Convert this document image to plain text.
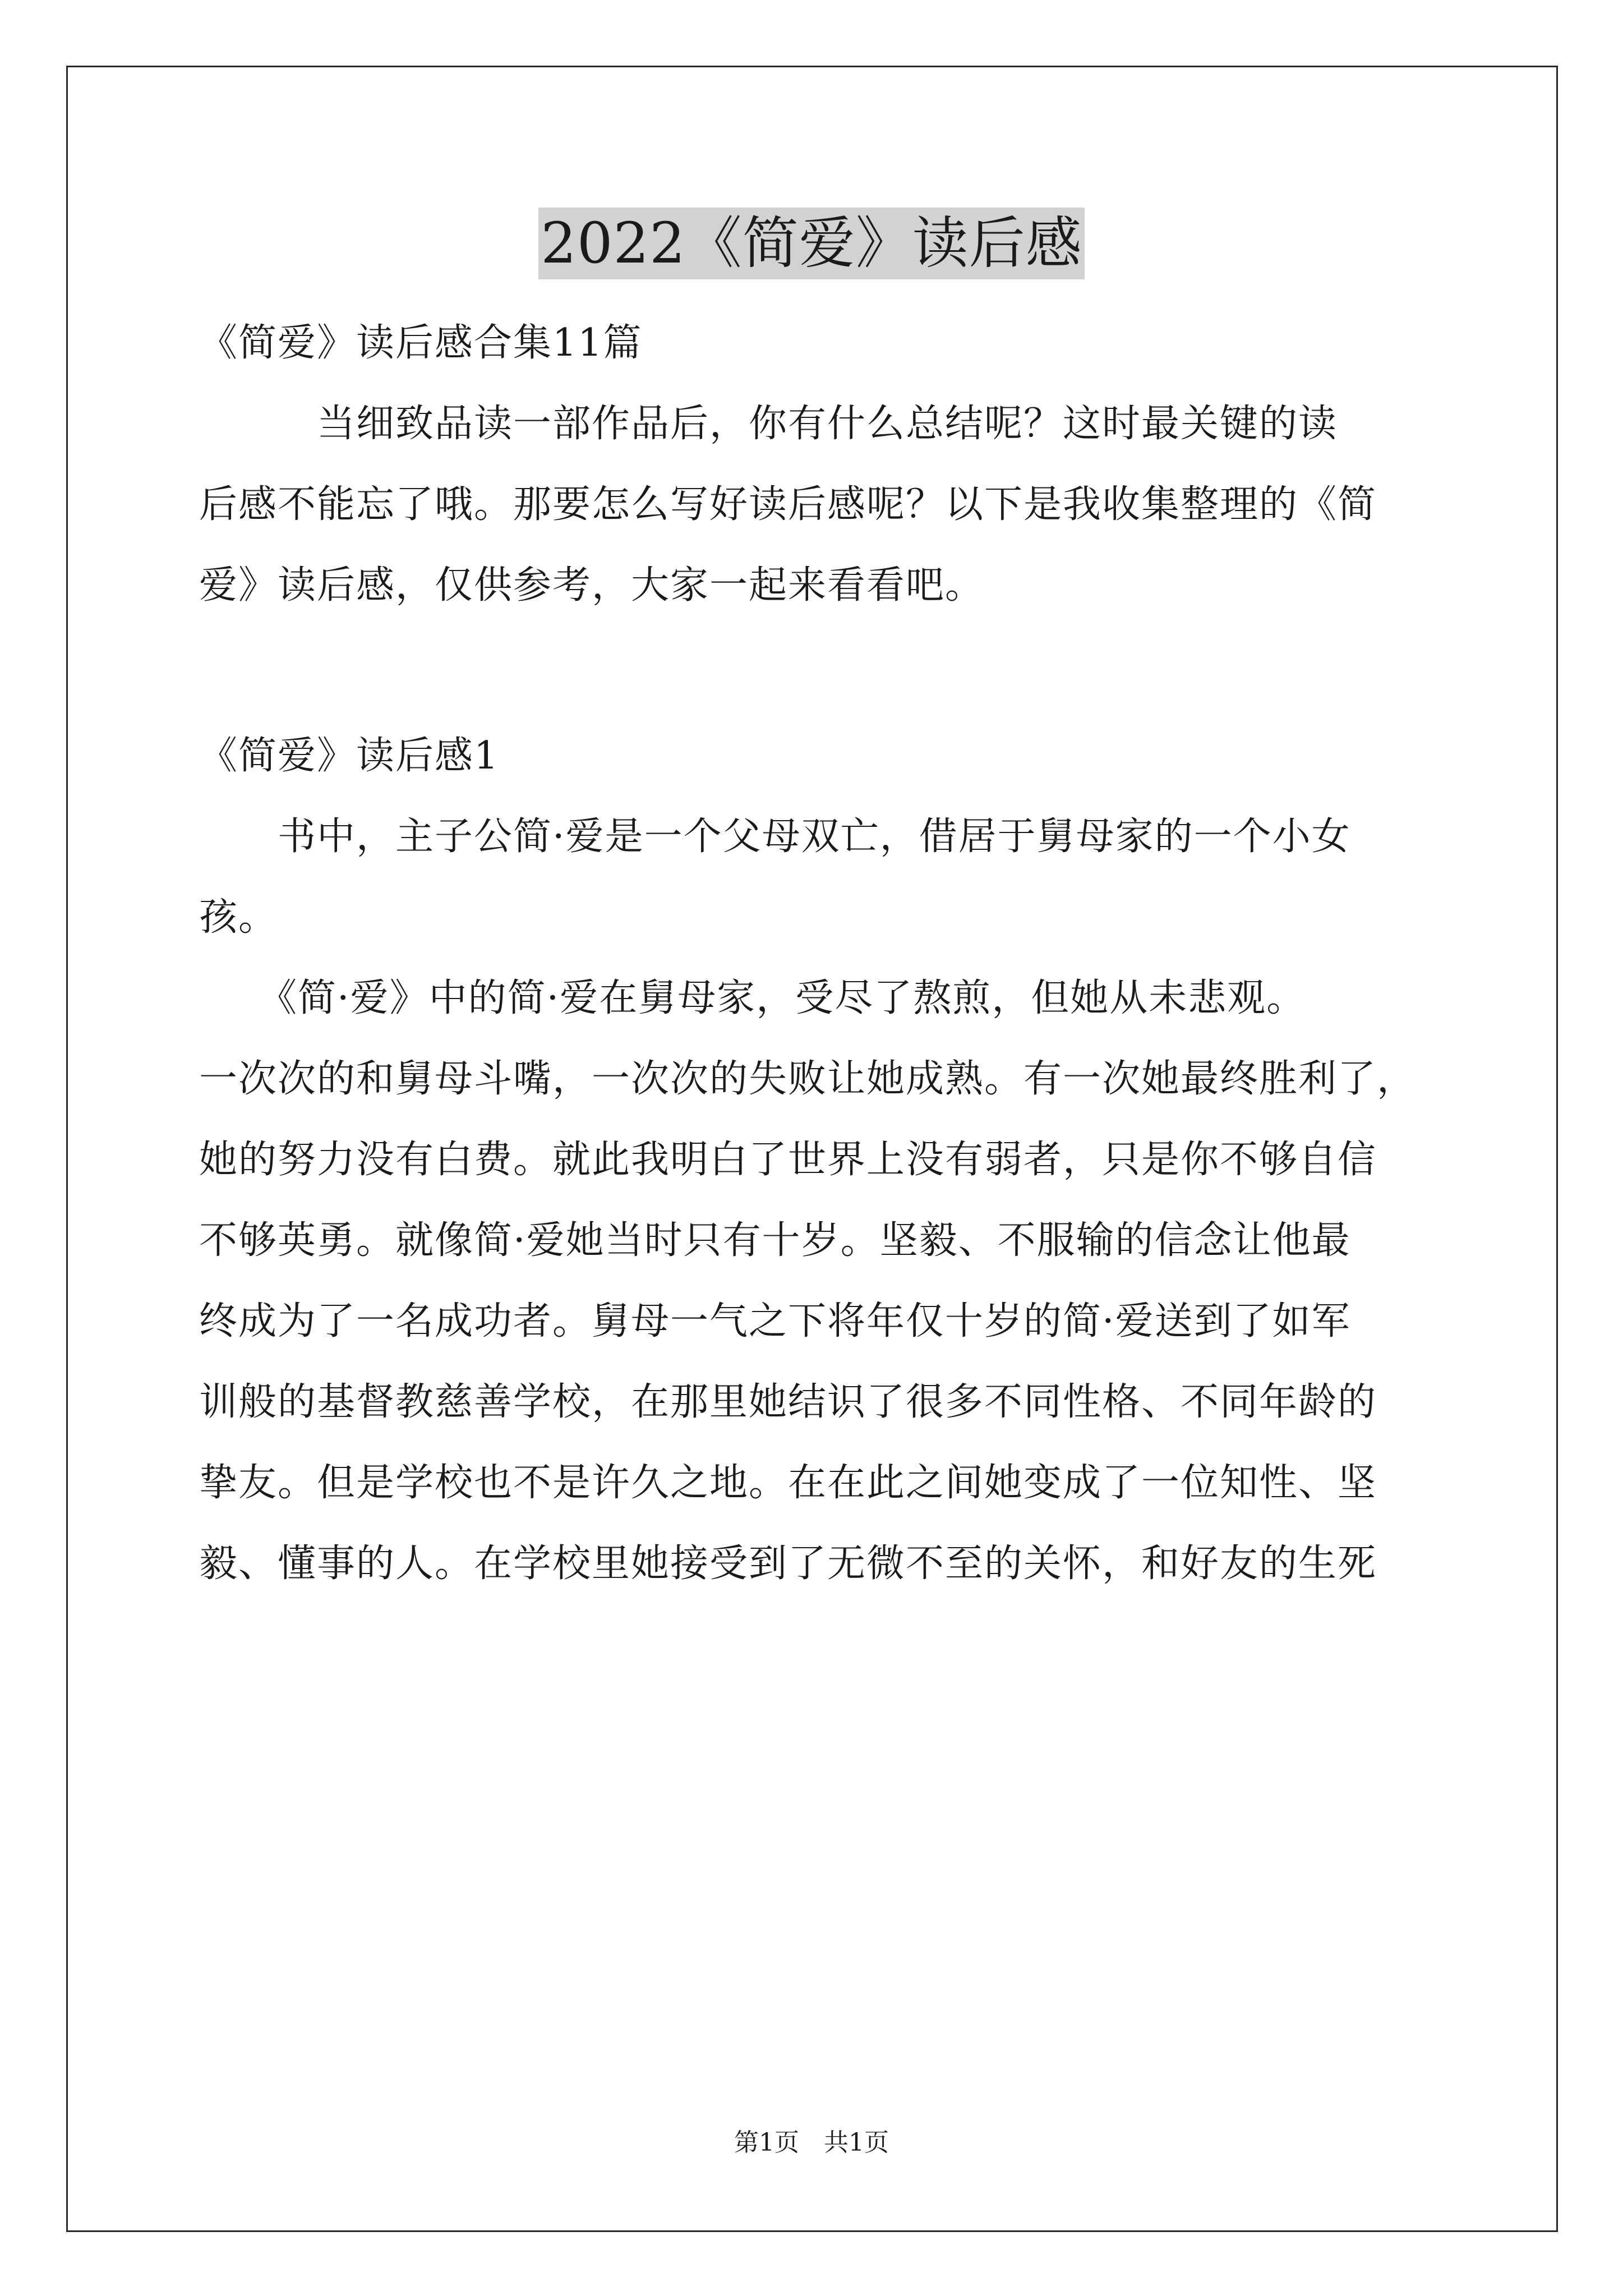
2022《简爱》读后感
《简爱》读后感合集11篇
　　　当细致品读一部作品后，你有什么总结呢？这时最关键的读
后感不能忘了哦。那要怎么写好读后感呢？以下是我收集整理的《简
爱》读后感，仅供参考，大家一起来看看吧。
《简爱》读后感1
　　书中，主子公简·爱是一个父母双亡，借居于舅母家的一个小女
孩。
　　《简·爱》中的简·爱在舅母家，受尽了熬煎，但她从未悲观。
一次次的和舅母斗嘴，一次次的失败让她成熟。有一次她最终胜利了，
她的努力没有白费。就此我明白了世界上没有弱者，只是你不够自信
不够英勇。就像简·爱她当时只有十岁。坚毅、不服输的信念让他最
终成为了一名成功者。舅母一气之下将年仅十岁的简·爱送到了如军
训般的基督教慈善学校，在那里她结识了很多不同性格、不同年龄的
挚友。但是学校也不是许久之地。在在此之间她变成了一位知性、坚
毅、懂事的人。在学校里她接受到了无微不至的关怀，和好友的生死
第1页　共1页
